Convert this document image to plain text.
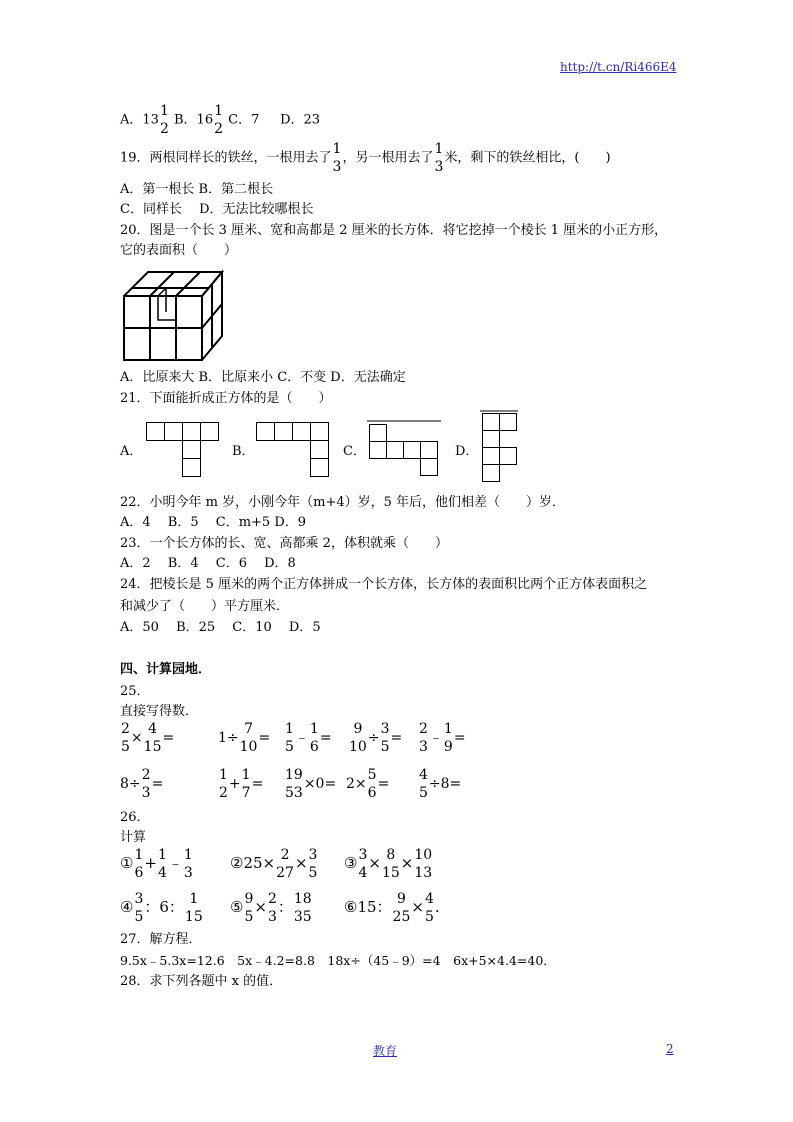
http://t.cn/Ri466E4
A．13
1
2
B．16
1
2
C．7 D．23
19．两根同样长的铁丝，一根用去了
1
3
，另一根用去了
1
3
米，剩下的铁丝相比，(　　)
A．第一根长 B．第二根长
C．同样长　 D．无法比较哪根长
20．图是一个长 3 厘米、宽和高都是 2 厘米的长方体．将它挖掉一个棱长 1 厘米的小正方形，
它的表面积（　　）
A．比原来大 B．比原来小 C．不变 D．无法确定
21．下面能折成正方体的是（　　）
A．	B．	C．	D．
22．小明今年 m 岁，小刚今年（m+4）岁，5 年后，他们相差（　　）岁．
A．4　 B．5　 C．m+5 D．9
23．一个长方体的长、宽、高都乘 2，体积就乘（　　）
A．2　 B．4　 C．6　 D．8
24．把棱长是 5 厘米的两个正方体拼成一个长方体，长方体的表面积比两个正方体表面积之
和减少了（　　）平方厘米．
A．50　 B．25　 C．10　 D．5
四、计算园地．
25．
直接写得数．
2
5
×
4
15
=	1÷
7
10
=
1
5
﹣
1
6
=
9
10
÷
3
5
=
2
3
﹣
1
9
=
8÷
2
3
=
1
2
+
1
7
=
19
53
×0= 2×
5
6
=
4
5
÷8=
26．
计算
① 1
6
+ 1
4
﹣ 1
3
②25× 2
27
× 3
5
③ 3
4
× 8
15
× 10
13
④ 3
5
：6： 1
15
⑤ 9
5
× 2
3
： 18
35
⑥15： 9
25
× 4
5
.
27．解方程．
9.5x﹣5.3x=12.6　5x﹣4.2=8.8　18x÷（45﹣9）=4　6x+5×4.4=40．
28．求下列各题中 x 的值．
教育	2
